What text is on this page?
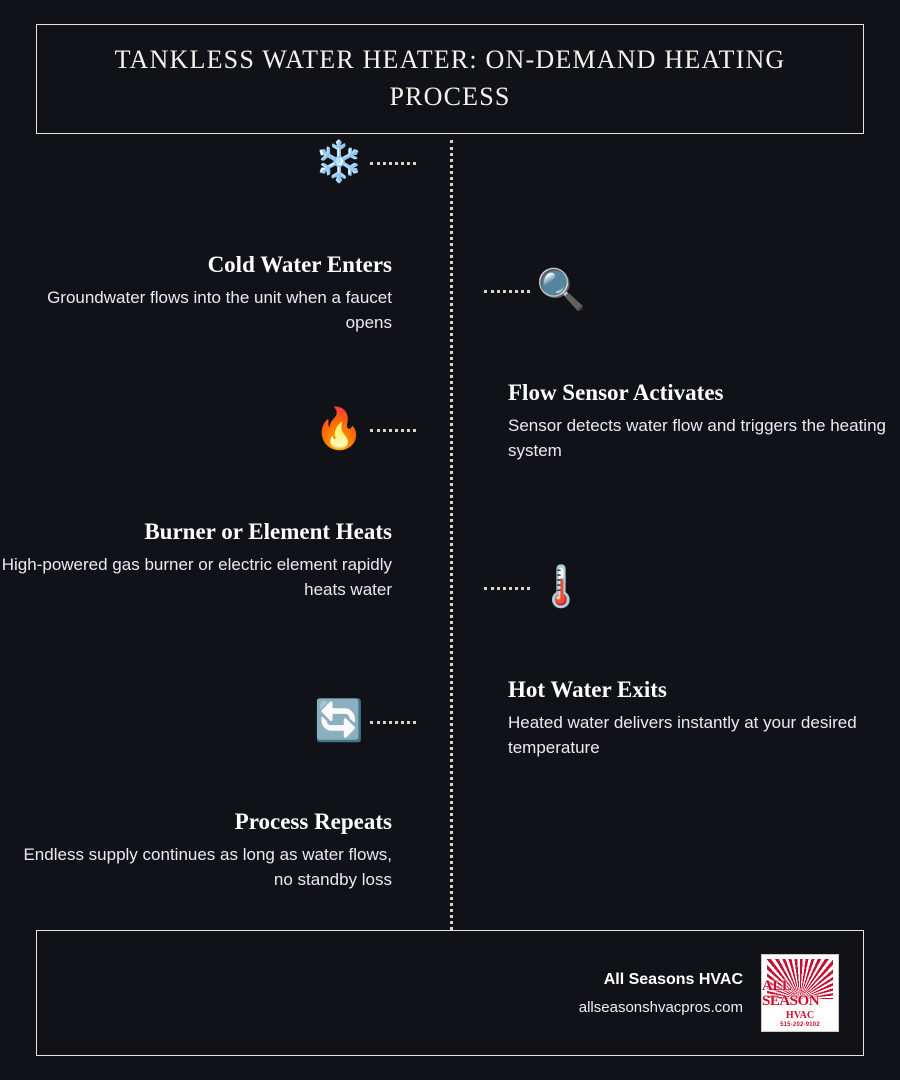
TANKLESS WATER HEATER: ON-DEMAND HEATING PROCESS
❄️
Cold Water Enters
Groundwater flows into the unit when a faucet opens
🔍
Flow Sensor Activates
Sensor detects water flow and triggers the heating system
🔥
Burner or Element Heats
High-powered gas burner or electric element rapidly heats water	🌡️
Hot Water Exits
Heated water delivers instantly at your desired temperature
🔄
Process Repeats
Endless supply continues as long as water flows, no standby loss
All Seasons HVAC
allseasonshvacpros.com
ALL SEASON
HVAC
515-202-9102
